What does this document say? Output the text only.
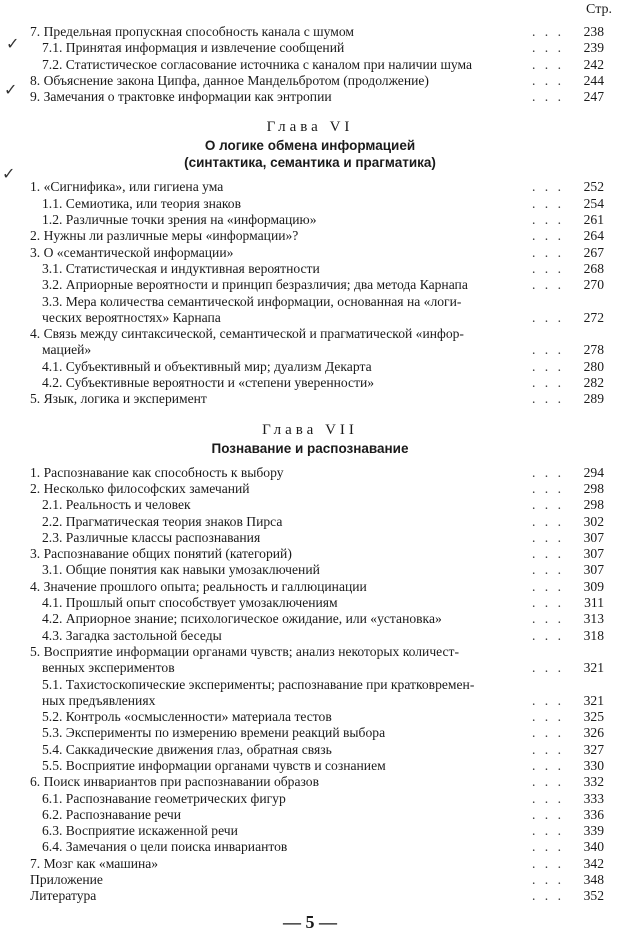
Стр.
✓
✓
✓
7. Предельная пропускная способность канала с шумом	. . . 238
7.1. Принятая информация и извлечение сообщений	. . . 239
7.2. Статистическое согласование источника с каналом при наличии шума	. . . 242
8. Объяснение закона Ципфа, данное Мандельбротом (продолжение)	. . . 244
9. Замечания о трактовке информации как энтропии	. . . 247
Глава VI
О логике обмена информацией
(синтактика, семантика и прагматика)
1. «Сигнифика», или гигиена ума	. . . 252
1.1. Семиотика, или теория знаков	. . . 254
1.2. Различные точки зрения на «информацию»	. . . 261
2. Нужны ли различные меры «информации»?	. . . 264
3. О «семантической информации»	. . . 267
3.1. Статистическая и индуктивная вероятности	. . . 268
3.2. Априорные вероятности и принцип безразличия; два метода Карнапа	. . . 270
3.3. Мера количества семантической информации, основанная на «логи-
ческих вероятностях» Карнапа	. . . 272
4. Связь между синтаксической, семантической и прагматической «инфор-
мацией»	. . . 278
4.1. Субъективный и объективный мир; дуализм Декарта	. . . 280
4.2. Субъективные вероятности и «степени уверенности»	. . . 282
5. Язык, логика и эксперимент	. . . 289
Глава VII
Познавание и распознавание
1. Распознавание как способность к выбору	. . . 294
2. Несколько философских замечаний	. . . 298
2.1. Реальность и человек	. . . 298
2.2. Прагматическая теория знаков Пирса	. . . 302
2.3. Различные классы распознавания	. . . 307
3. Распознавание общих понятий (категорий)	. . . 307
3.1. Общие понятия как навыки умозаключений	. . . 307
4. Значение прошлого опыта; реальность и галлюцинации	. . . 309
4.1. Прошлый опыт способствует умозаключениям	. . . 311
4.2. Априорное знание; психологическое ожидание, или «установка»	. . . 313
4.3. Загадка застольной беседы	. . . 318
5. Восприятие информации органами чувств; анализ некоторых количест-
венных экспериментов	. . . 321
5.1. Тахистоскопические эксперименты; распознавание при кратковремен-
ных предъявлениях	. . . 321
5.2. Контроль «осмысленности» материала тестов	. . . 325
5.3. Эксперименты по измерению времени реакций выбора	. . . 326
5.4. Саккадические движения глаз, обратная связь	. . . 327
5.5. Восприятие информации органами чувств и сознанием	. . . 330
6. Поиск инвариантов при распознавании образов	. . . 332
6.1. Распознавание геометрических фигур	. . . 333
6.2. Распознавание речи	. . . 336
6.3. Восприятие искаженной речи	. . . 339
6.4. Замечания о цели поиска инвариантов	. . . 340
7. Мозг как «машина»	. . . 342
Приложение	. . . 348
Литература	. . . 352
— 5 —
